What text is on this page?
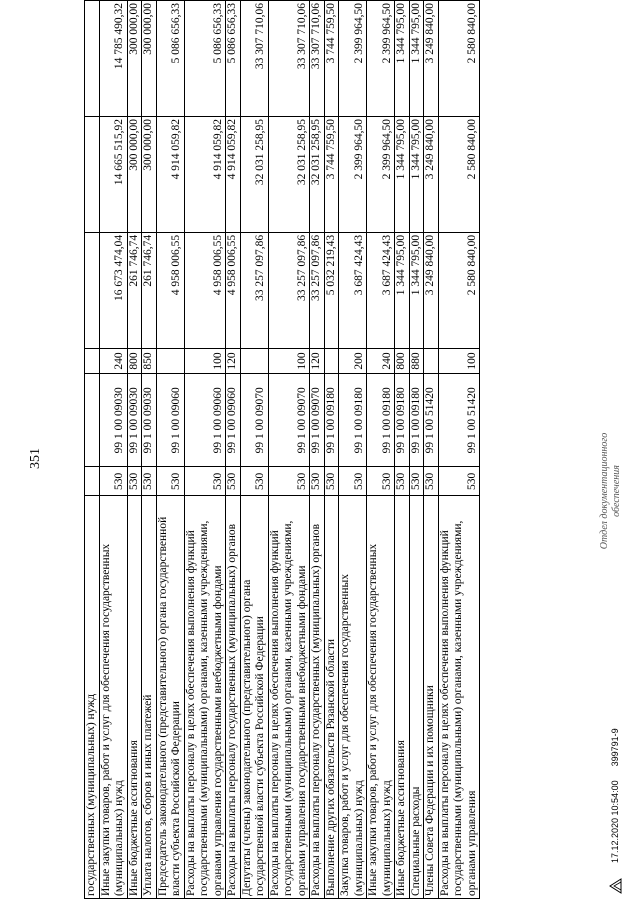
351
государственных (муниципальных) нужд						
Иные закупки товаров, работ и услуг для обеспечения государственных (муниципальных) нужд	530	99 1 00 09030	240	16 673 474,04	14 665 515,92	14 785 490,32
Иные бюджетные ассигнования	530	99 1 00 09030	800	261 746,74	300 000,00	300 000,00
Уплата налогов, сборов и иных платежей	530	99 1 00 09030	850	261 746,74	300 000,00	300 000,00
Председатель законодательного (представительного) органа государственной власти субъекта Российской Федерации	530	99 1 00 09060		4 958 006,55	4 914 059,82	5 086 656,33
Расходы на выплаты персоналу в целях обеспечения выполнения функций государственными (муниципальными) органами, казенными учреждениями, органами управления государственными внебюджетными фондами	530	99 1 00 09060	100	4 958 006,55	4 914 059,82	5 086 656,33
Расходы на выплаты персоналу государственных (муниципальных) органов	530	99 1 00 09060	120	4 958 006,55	4 914 059,82	5 086 656,33
Депутаты (члены) законодательного (представительного) органа государственной власти субъекта Российской Федерации	530	99 1 00 09070		33 257 097,86	32 031 258,95	33 307 710,06
Расходы на выплаты персоналу в целях обеспечения выполнения функций государственными (муниципальными) органами, казенными учреждениями, органами управления государственными внебюджетными фондами	530	99 1 00 09070	100	33 257 097,86	32 031 258,95	33 307 710,06
Расходы на выплаты персоналу государственных (муниципальных) органов	530	99 1 00 09070	120	33 257 097,86	32 031 258,95	33 307 710,06
Выполнение других обязательств Рязанской области	530	99 1 00 09180		5 032 219,43	3 744 759,50	3 744 759,50
Закупка товаров, работ и услуг для обеспечения государственных (муниципальных) нужд	530	99 1 00 09180	200	3 687 424,43	2 399 964,50	2 399 964,50
Иные закупки товаров, работ и услуг для обеспечения государственных (муниципальных) нужд	530	99 1 00 09180	240	3 687 424,43	2 399 964,50	2 399 964,50
Иные бюджетные ассигнования	530	99 1 00 09180	800	1 344 795,00	1 344 795,00	1 344 795,00
Специальные расходы	530	99 1 00 09180	880	1 344 795,00	1 344 795,00	1 344 795,00
Члены Совета Федерации и их помощники	530	99 1 00 51420		3 249 840,00	3 249 840,00	3 249 840,00
Расходы на выплаты персоналу в целях обеспечения выполнения функций государственными (муниципальными) органами, казенными учреждениями, органами управления	530	99 1 00 51420	100	2 580 840,00	2 580 840,00	2 580 840,00
17.12.2020 10:54:00
399791-9
Отдел документационного обеспечения
